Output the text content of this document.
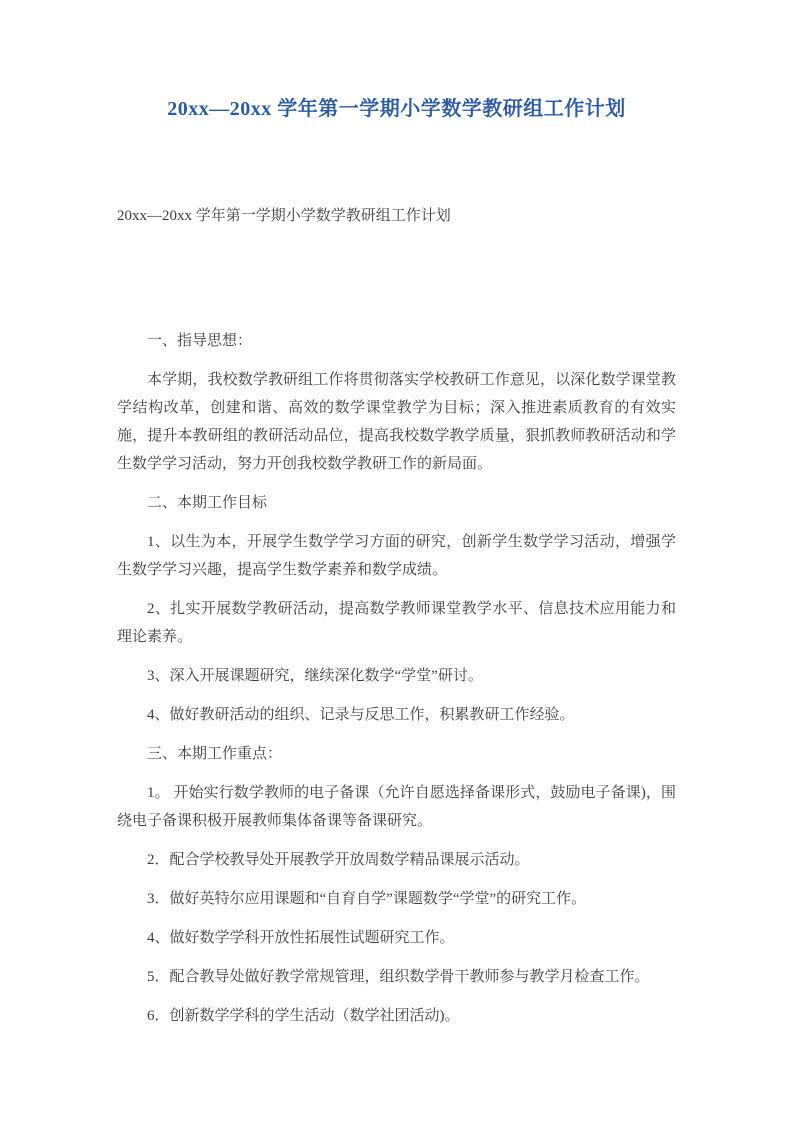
20xx—20xx 学年第一学期小学数学教研组工作计划

20xx—20xx 学年第一学期小学数学教研组工作计划

一、指导思想：

本学期，我校数学教研组工作将贯彻落实学校教研工作意见，以深化数学课堂教学结构改革，创建和谐、高效的数学课堂教学为目标；深入推进素质教育的有效实施，提升本教研组的教研活动品位，提高我校数学教学质量，狠抓教师教研活动和学生数学学习活动，努力开创我校数学教研工作的新局面。

二、本期工作目标

1、以生为本，开展学生数学学习方面的研究，创新学生数学学习活动，增强学生数学学习兴趣，提高学生数学素养和数学成绩。

2、扎实开展数学教研活动，提高数学教师课堂教学水平、信息技术应用能力和理论素养。

3、深入开展课题研究，继续深化数学“学堂”研讨。

4、做好教研活动的组织、记录与反思工作，积累教研工作经验。

三、本期工作重点：

1。 开始实行数学教师的电子备课（允许自愿选择备课形式，鼓励电子备课)，围绕电子备课积极开展教师集体备课等备课研究。

2．配合学校教导处开展教学开放周数学精品课展示活动。

3．做好英特尔应用课题和“自育自学”课题数学“学堂”的研究工作。

4、做好数学学科开放性拓展性试题研究工作。

5．配合教导处做好教学常规管理，组织数学骨干教师参与教学月检查工作。

6．创新数学学科的学生活动（数学社团活动)。
